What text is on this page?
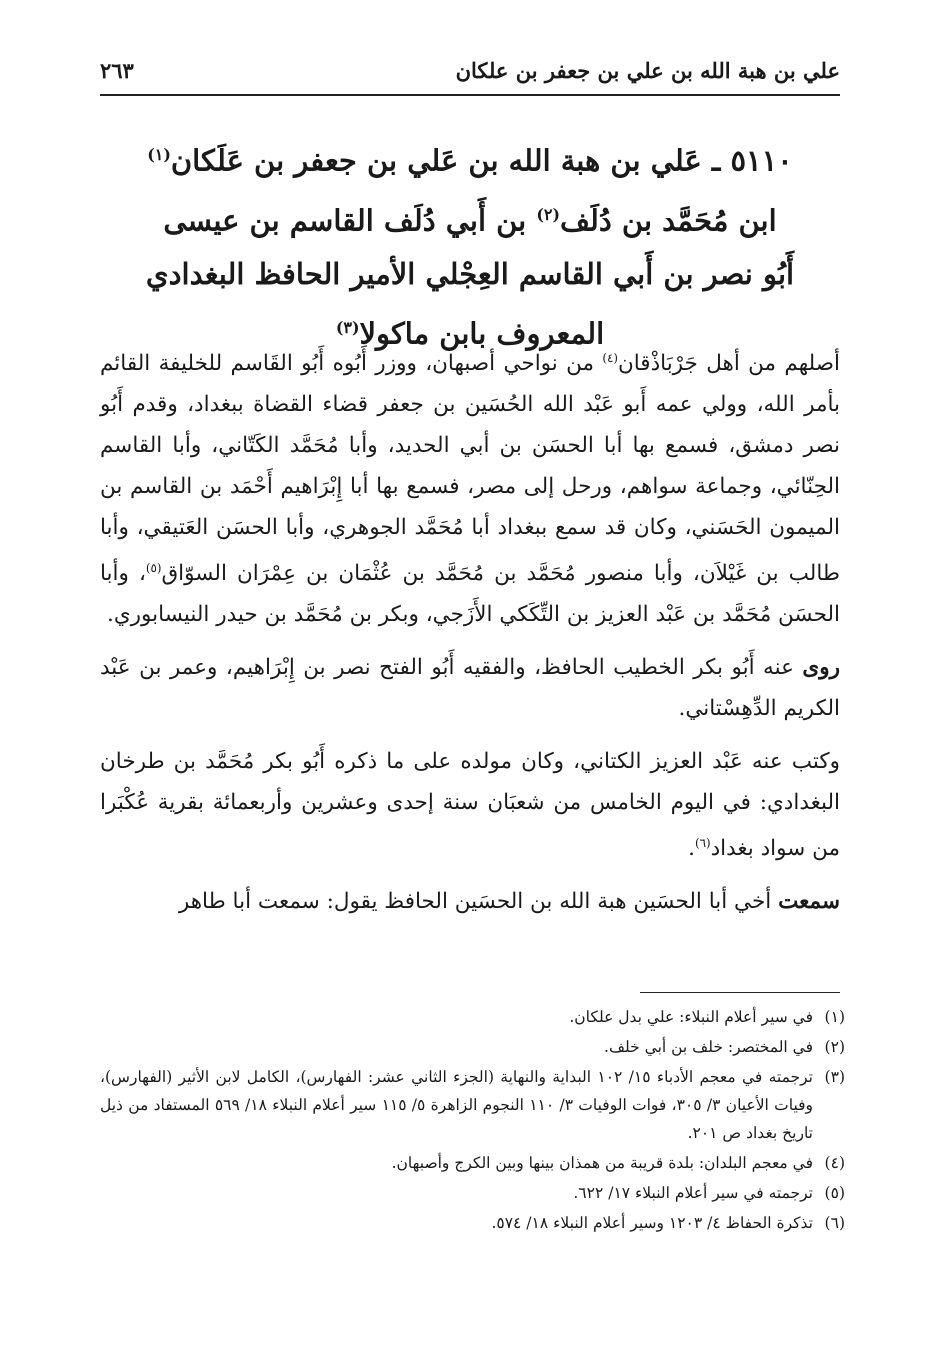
علي بن هبة الله بن علي بن جعفر بن علكان
٢٦٣
٥١١٠ ـ عَلي بن هبة الله بن عَلي بن جعفر بن عَلَكان$^{(١)}$
ابن مُحَمَّد بن دُلَف$^{(٢)}$ بن أَبي دُلَف القاسم بن عيسى
أَبُو نصر بن أَبي القاسم العِجْلي الأمير الحافظ البغدادي
المعروف بابن ماكولا$^{(٣)}$

أصلهم من أهل جَرْبَاذْقان$^{(٤)}$ من نواحي أصبهان، ووزر أَبُوه أَبُو القَاسم للخليفة القائم بأمر الله، وولي عمه أَبو عَبْد الله الحُسَين بن جعفر قضاء القضاة ببغداد، وقدم أَبُو نصر دمشق، فسمع بها أبا الحسَن بن أبي الحديد، وأبا مُحَمَّد الكَتّاني، وأبا القاسم الحِنّائي، وجماعة سواهم، ورحل إلى مصر، فسمع بها أبا إِبْرَاهيم أَحْمَد بن القاسم بن الميمون الحَسَني، وكان قد سمع ببغداد أبا مُحَمَّد الجوهري، وأبا الحسَن العَتيقي، وأبا طالب بن غَيْلاَن، وأبا منصور مُحَمَّد بن مُحَمَّد بن عُثْمَان بن عِمْرَان السوّاق$^{(٥)}$، وأبا الحسَن مُحَمَّد بن عَبْد العزيز بن التِّكَكي الأَزَجي، وبكر بن مُحَمَّد بن حيدر النيسابوري.

روى عنه أَبُو بكر الخطيب الحافظ، والفقيه أَبُو الفتح نصر بن إِبْرَاهيم، وعمر بن عَبْد الكريم الدِّهِسْتاني.

وكتب عنه عَبْد العزيز الكتاني، وكان مولده على ما ذكره أَبُو بكر مُحَمَّد بن طرخان البغدادي: في اليوم الخامس من شعبَان سنة إحدى وعشرين وأربعمائة بقرية عُكْبَرا من سواد بغداد$^{(٦)}$.

سمعت أخي أبا الحسَين هبة الله بن الحسَين الحافظ يقول: سمعت أبا طاهر

(١)
في سير أعلام النبلاء: علي بدل علكان.
(٢)
في المختصر: خلف بن أبي خلف.
(٣)
ترجمته في معجم الأدباء ١٥/ ١٠٢ البداية والنهاية (الجزء الثاني عشر: الفهارس)، الكامل لابن الأثير (الفهارس)، وفيات الأعيان ٣/ ٣٠٥، فوات الوفيات ٣/ ١١٠ النجوم الزاهرة ٥/ ١١٥ سير أعلام النبلاء ١٨/ ٥٦٩ المستفاد من ذيل تاريخ بغداد ص ٢٠١.
(٤)
في معجم البلدان: بلدة قريبة من همذان بينها وبين الكرج وأصبهان.
(٥)
ترجمته في سير أعلام النبلاء ١٧/ ٦٢٢.
(٦)
تذكرة الحفاظ ٤/ ١٢٠٣ وسير أعلام النبلاء ١٨/ ٥٧٤.
